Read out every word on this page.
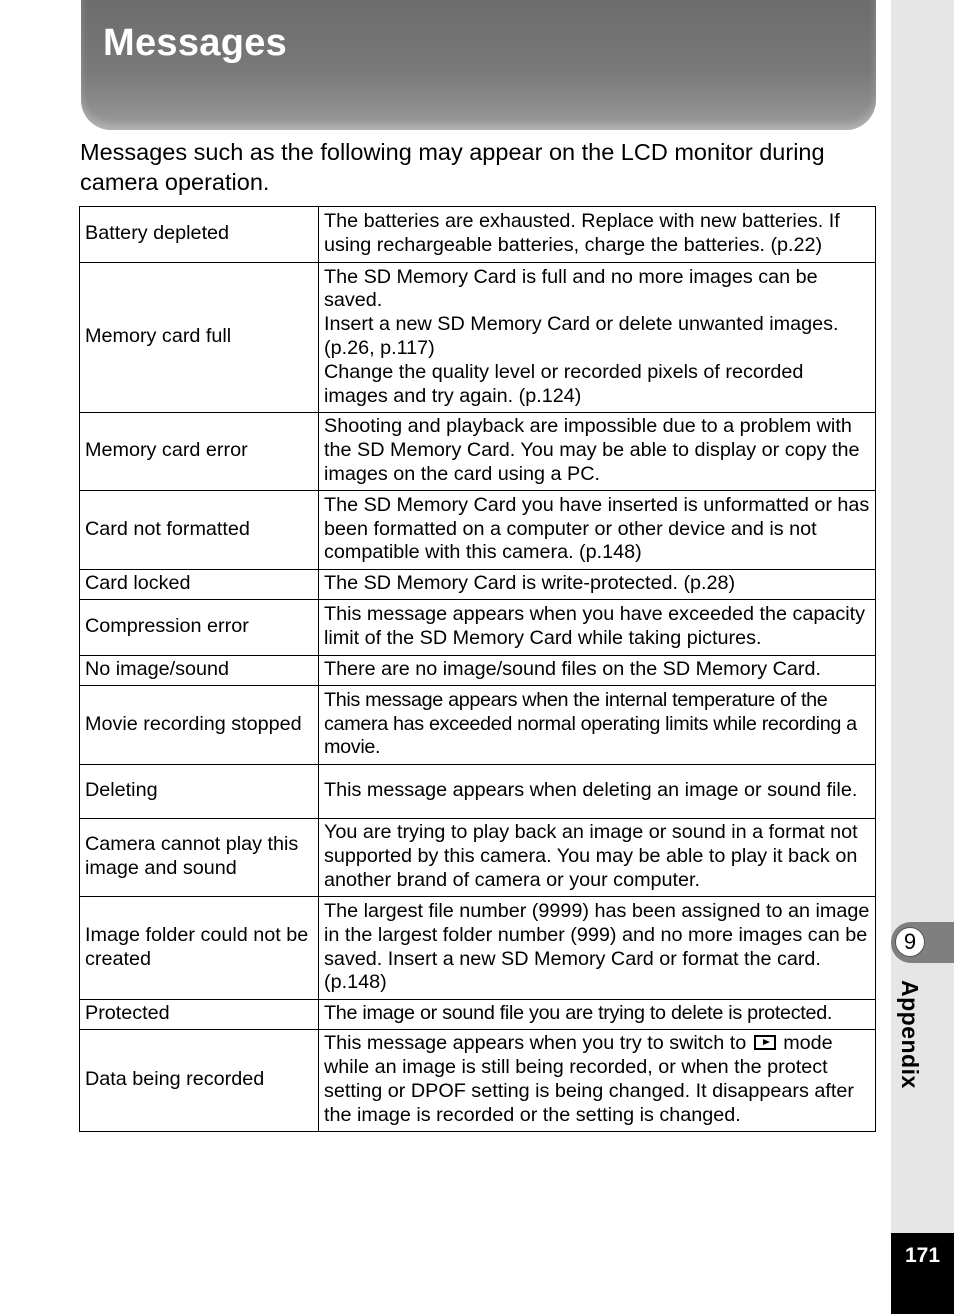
Messages

Messages such as the following may appear on the LCD monitor during camera operation.

Battery depleted	The batteries are exhausted. Replace with new batteries. If using rechargeable batteries, charge the batteries. (p.22)
Memory card full	The SD Memory Card is full and no more images can be saved.
Insert a new SD Memory Card or delete unwanted images. (p.26, p.117)
Change the quality level or recorded pixels of recorded images and try again. (p.124)
Memory card error	Shooting and playback are impossible due to a problem with the SD Memory Card. You may be able to display or copy the images on the card using a PC.
Card not formatted	The SD Memory Card you have inserted is unformatted or has been formatted on a computer or other device and is not compatible with this camera. (p.148)
Card locked	The SD Memory Card is write-protected. (p.28)
Compression error	This message appears when you have exceeded the capacity limit of the SD Memory Card while taking pictures.
No image/sound	There are no image/sound files on the SD Memory Card.
Movie recording stopped	This message appears when the internal temperature of the camera has exceeded normal operating limits while recording a movie.
Deleting	This message appears when deleting an image or sound file.
Camera cannot play this image and sound	You are trying to play back an image or sound in a format not supported by this camera. You may be able to play it back on another brand of camera or your computer.
Image folder could not be created	The largest file number (9999) has been assigned to an image in the largest folder number (999) and no more images can be saved. Insert a new SD Memory Card or format the card. (p.148)
Protected	The image or sound file you are trying to delete is protected.
Data being recorded	This message appears when you try to switch to mode while an image is still being recorded, or when the protect setting or DPOF setting is being changed. It disappears after the image is recorded or the setting is changed.
9
Appendix
171
